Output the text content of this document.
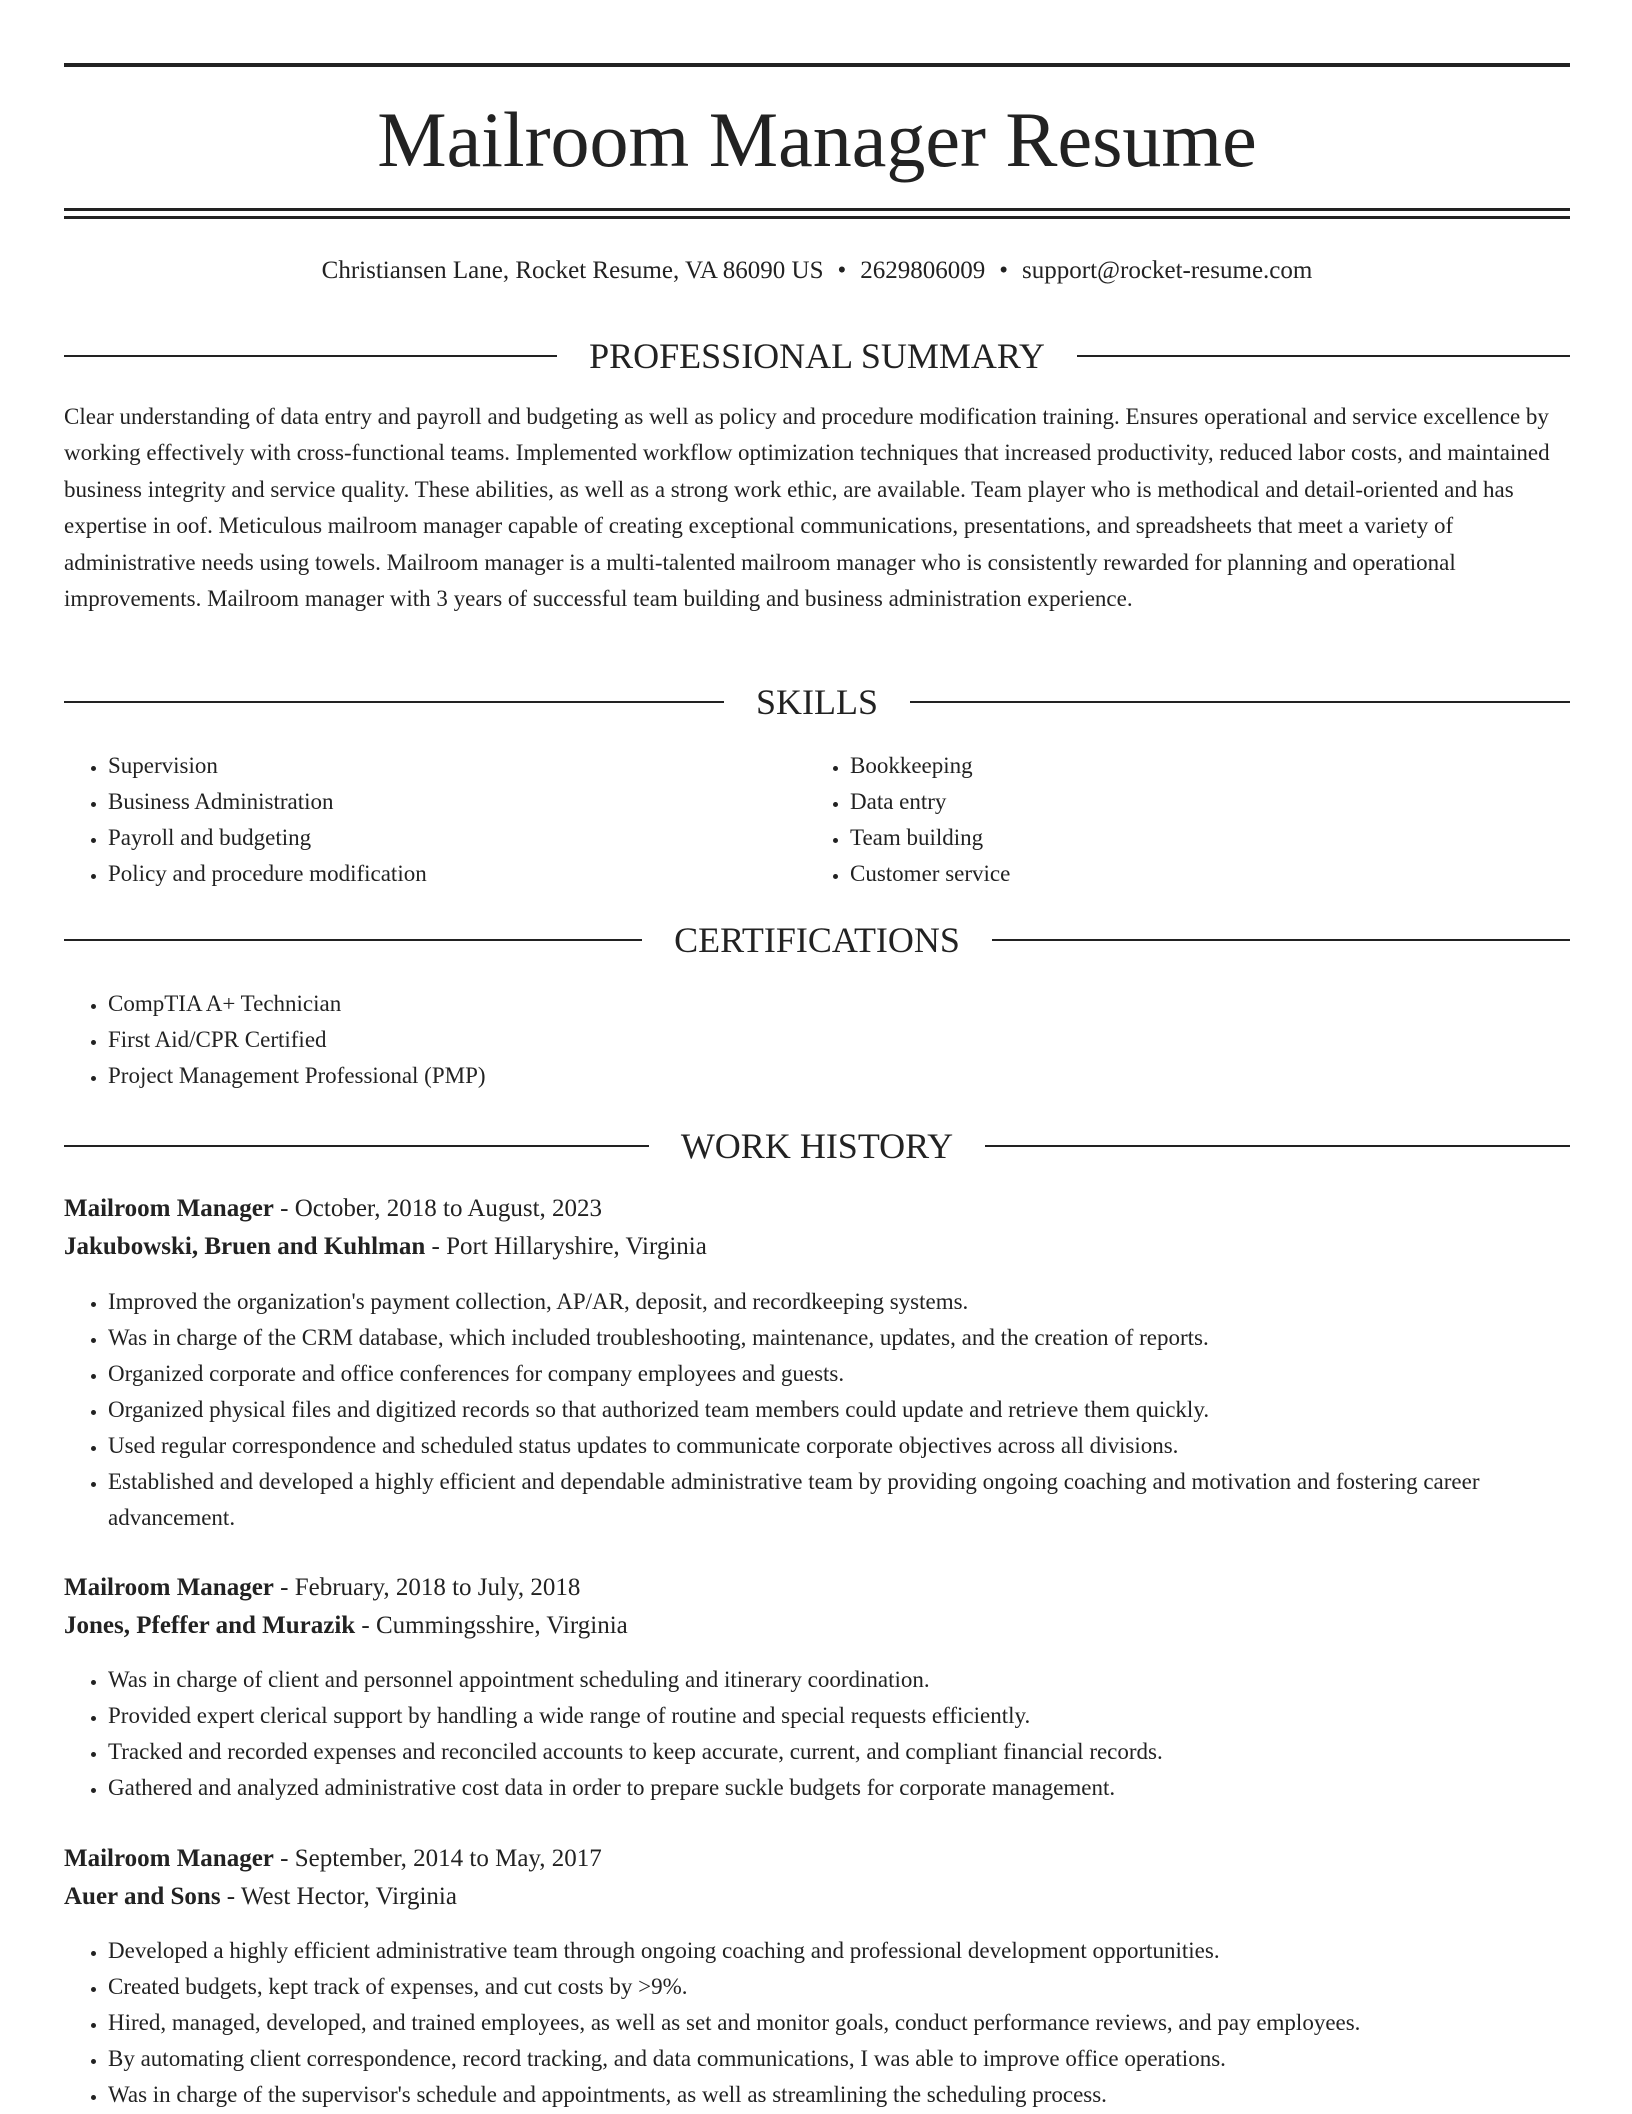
Mailroom Manager Resume
Christiansen Lane, Rocket Resume, VA 86090 US • 2629806009 • support@rocket-resume.com
PROFESSIONAL SUMMARY

Clear understanding of data entry and payroll and budgeting as well as policy and procedure modification training. Ensures operational and service excellence by working effectively with cross-functional teams. Implemented workflow optimization techniques that increased productivity, reduced labor costs, and maintained business integrity and service quality. These abilities, as well as a strong work ethic, are available. Team player who is methodical and detail-oriented and has expertise in oof. Meticulous mailroom manager capable of creating exceptional communications, presentations, and spreadsheets that meet a variety of administrative needs using towels. Mailroom manager is a multi-talented mailroom manager who is consistently rewarded for planning and operational improvements. Mailroom manager with 3 years of successful team building and business administration experience.

SKILLS
• Supervision
• Business Administration
• Payroll and budgeting
• Policy and procedure modification
• Bookkeeping
• Data entry
• Team building
• Customer service
CERTIFICATIONS
• CompTIA A+ Technician
• First Aid/CPR Certified
• Project Management Professional (PMP)
WORK HISTORY
Mailroom Manager - October, 2018 to August, 2023
Jakubowski, Bruen and Kuhlman - Port Hillaryshire, Virginia
• Improved the organization's payment collection, AP/AR, deposit, and recordkeeping systems.
• Was in charge of the CRM database, which included troubleshooting, maintenance, updates, and the creation of reports.
• Organized corporate and office conferences for company employees and guests.
• Organized physical files and digitized records so that authorized team members could update and retrieve them quickly.
• Used regular correspondence and scheduled status updates to communicate corporate objectives across all divisions.
• Established and developed a highly efficient and dependable administrative team by providing ongoing coaching and motivation and fostering career advancement.
Mailroom Manager - February, 2018 to July, 2018
Jones, Pfeffer and Murazik - Cummingsshire, Virginia
• Was in charge of client and personnel appointment scheduling and itinerary coordination.
• Provided expert clerical support by handling a wide range of routine and special requests efficiently.
• Tracked and recorded expenses and reconciled accounts to keep accurate, current, and compliant financial records.
• Gathered and analyzed administrative cost data in order to prepare suckle budgets for corporate management.
Mailroom Manager - September, 2014 to May, 2017
Auer and Sons - West Hector, Virginia
• Developed a highly efficient administrative team through ongoing coaching and professional development opportunities.
• Created budgets, kept track of expenses, and cut costs by >9%.
• Hired, managed, developed, and trained employees, as well as set and monitor goals, conduct performance reviews, and pay employees.
• By automating client correspondence, record tracking, and data communications, I was able to improve office operations.
• Was in charge of the supervisor's schedule and appointments, as well as streamlining the scheduling process.
